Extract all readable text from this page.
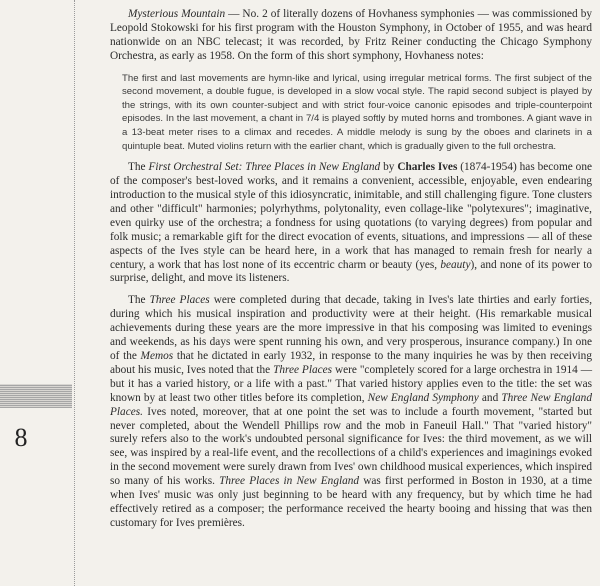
8

Mysterious Mountain — No. 2 of literally dozens of Hovhaness symphonies — was commissioned by Leopold Stokowski for his first program with the Houston Symphony, in October of 1955, and was heard nationwide on an NBC telecast; it was recorded, by Fritz Reiner conducting the Chicago Symphony Orchestra, as early as 1958. On the form of this short symphony, Hovhaness notes:

The first and last movements are hymn-like and lyrical, using irregular metrical forms. The first subject of the second movement, a double fugue, is developed in a slow vocal style. The rapid second subject is played by the strings, with its own counter-subject and with strict four-voice canonic episodes and triple-counterpoint episodes. In the last movement, a chant in 7/4 is played softly by muted horns and trombones. A giant wave in a 13-beat meter rises to a climax and recedes. A middle melody is sung by the oboes and clarinets in a quintuple beat. Muted violins return with the earlier chant, which is gradually given to the full orchestra.

The First Orchestral Set: Three Places in New England by Charles Ives (1874-1954) has become one of the composer's best-loved works, and it remains a convenient, accessible, enjoyable, even endearing introduction to the musical style of this idiosyncratic, inimitable, and still challenging figure. Tone clusters and other "difficult" harmonies; polyrhythms, polytonality, even collage-like "polytexures"; imaginative, even quirky use of the orchestra; a fondness for using quotations (to varying degrees) from popular and folk music; a remarkable gift for the direct evocation of events, situations, and impressions — all of these aspects of the Ives style can be heard here, in a work that has managed to remain fresh for nearly a century, a work that has lost none of its eccentric charm or beauty (yes, beauty), and none of its power to surprise, delight, and move its listeners.

The Three Places were completed during that decade, taking in Ives's late thirties and early forties, during which his musical inspiration and productivity were at their height. (His remarkable musical achievements during these years are the more impressive in that his composing was limited to evenings and weekends, as his days were spent running his own, and very prosperous, insurance company.) In one of the Memos that he dictated in early 1932, in response to the many inquiries he was by then receiving about his music, Ives noted that the Three Places were "completely scored for a large orchestra in 1914 — but it has a varied history, or a life with a past." That varied history applies even to the title: the set was known by at least two other titles before its completion, New England Symphony and Three New England Places. Ives noted, moreover, that at one point the set was to include a fourth movement, "started but never completed, about the Wendell Phillips row and the mob in Faneuil Hall." That "varied history" surely refers also to the work's undoubted personal significance for Ives: the third movement, as we will see, was inspired by a real-life event, and the recollections of a child's experiences and imaginings evoked in the second movement were surely drawn from Ives' own childhood musical experiences, which inspired so many of his works. Three Places in New England was first performed in Boston in 1930, at a time when Ives' music was only just beginning to be heard with any frequency, but by which time he had effectively retired as a composer; the performance received the hearty booing and hissing that was then customary for Ives premières.
